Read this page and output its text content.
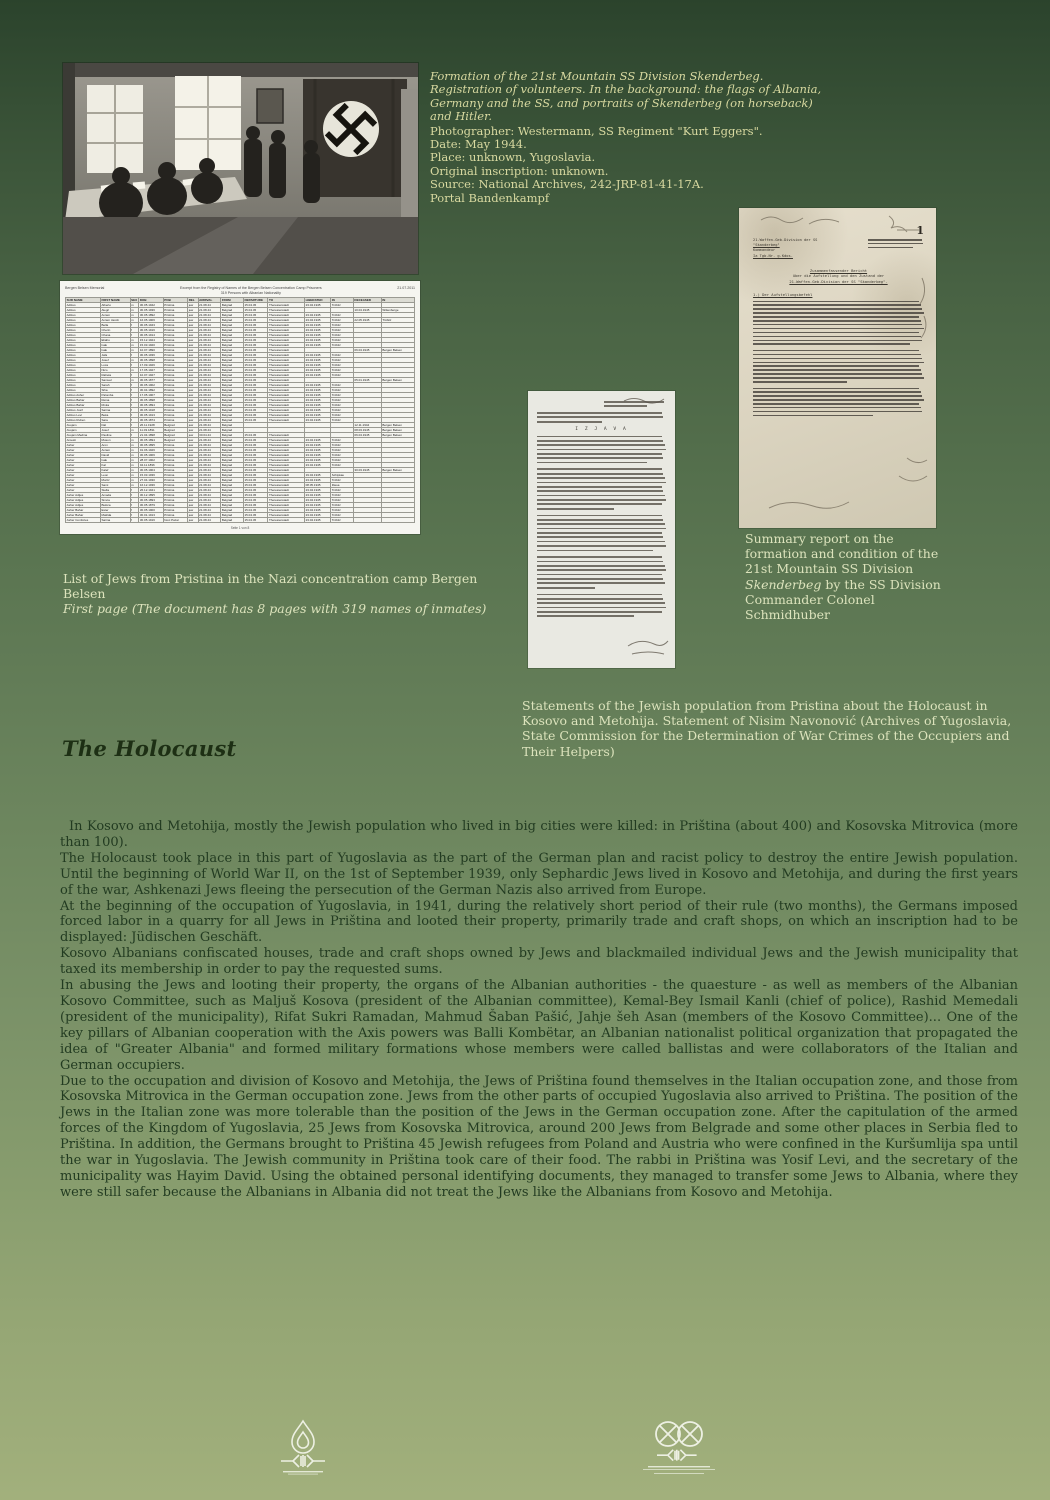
Formation of the 21st Mountain SS Division Skenderbeg. Registration of volunteers. In the background: the flags of Albania, Germany and the SS, and portraits of Skenderbeg (on horseback) and Hitler.
Photographer: Westermann, SS Regiment "Kurt Eggers".
Date: May 1944.
Place: unknown, Yugoslavia.
Original inscription: unknown.
Source: National Archives, 242-JRP-81-41-17A.
Portal Bandenkampf
Bergen Belsen Memorial	Excerpt from the Registry of Names of the Bergen Belsen Concentration Camp Prisoners
319 Persons with Albanian Nationality
21.07.2011
SUR NAME	FIRST NAME	SEX	DOB	POB	REL	ARRIVAL	FROM	DEPARTURE	TO	LIBERATED	IN	DECEASED	IN
Adizes	Alberto	m	30.05.1942	Pristina	jew	21.08.44	Belgrad	15.04.45	Theresienstadt	23.04.1945	Tröbitz		
Adizes	Alegri	m	30.05.1936	Pristina	jew	21.08.44	Belgrad	15.04.45	Theresienstadt			10.04.1945	Wittenberge
Adizes	Avram	m	30.05.1892	Pristina	jew	21.08.44	Belgrad	15.04.45	Theresienstadt	23.04.1945	Tröbitz		
Adizes	Avram Jacob	m	16.05.1906	Pristina	jew	21.08.44	Belgrad	15.04.45	Theresienstadt	23.04.1945	Tröbitz	22.05.1945	Tröbitz
Adizes	Bella	f	30.05.1943	Pristina	jew	21.08.44	Belgrad	15.04.45	Theresienstadt	23.04.1945	Tröbitz		
Adizes	Cherin	f	30.05.1916	Pristina	jew	21.08.44	Belgrad	15.04.45	Theresienstadt	23.04.1945	Tröbitz		
Adizes	Chana	f	30.05.1914	Pristina	jew	21.08.44	Belgrad	15.04.45	Theresienstadt	23.04.1945	Tröbitz		
Adizes	Eliahu	m	15.12.1924	Pristina	jew	21.08.44	Belgrad	15.04.45	Theresienstadt	23.04.1945	Tröbitz		
Adizes	Isak	m	15.03.1920	Pristina	jew	21.08.44	Belgrad	15.04.45	Theresienstadt	23.04.1945	Tröbitz		
Adizes	Isak	m	10.07.1890	Pristina	jew	21.08.44	Belgrad	15.04.45	Theresienstadt			06.04.1945	Bergen Belsen
Adizes	Jafa	f	30.05.1936	Pristina	jew	21.08.44	Belgrad	15.04.45	Theresienstadt	23.04.1945	Tröbitz		
Adizes	Josef	m	30.05.1898	Pristina	jew	21.08.44	Belgrad	15.04.45	Theresienstadt	23.04.1945	Tröbitz		
Adizes	Luca	f	17.09.1926	Pristina	jew	21.08.44	Belgrad	15.04.45	Theresienstadt	23.04.1945	Tröbitz		
Adizes	Nico	m	17.05.1927	Pristina	jew	21.08.44	Belgrad	15.04.45	Theresienstadt	23.04.1945	Tröbitz		
Adizes	Rahela	f	10.07.1927	Pristina	jew	21.08.44	Belgrad	15.04.45	Theresienstadt	23.04.1945	Tröbitz		
Adizes	Samuel	m	30.05.1877	Pristina	jew	21.08.44	Belgrad	15.04.45	Theresienstadt			05.01.1945	Bergen Belsen
Adizes	Sarah	f	30.05.1902	Pristina	jew	21.08.44	Belgrad	15.04.45	Theresienstadt	23.04.1945	Tröbitz		
Adizes	Siha	f	30.04.1892	Pristina	jew	21.08.44	Belgrad	15.04.45	Theresienstadt	23.04.1945	Tröbitz		
Adizes Asher	Palomba	f	17.05.1907	Pristina	jew	21.08.44	Belgrad	15.04.45	Theresienstadt	23.04.1945	Tröbitz		
Adizes Bahar	Reina	f	30.05.1898	Pristina	jew	21.08.44	Belgrad	15.04.45	Theresienstadt	23.04.1945	Tröbitz		
Adizes Bahar	Rivka	f	30.05.1894	Pristina	jew	21.08.44	Belgrad	15.04.45	Theresienstadt	23.04.1945	Tröbitz		
Adizes Josif	Sarina	f	30.05.1918	Pristina	jew	21.08.44	Belgrad	15.04.45	Theresienstadt	23.04.1945	Tröbitz		
Adizes Levi	Beka	f	30.05.1913	Pristina	jew	21.08.44	Belgrad	15.04.45	Theresienstadt	23.04.1945	Tröbitz		
Adizes Ruben	Sara	f	30.05.1874	Pristina	jew	21.08.44	Belgrad	15.04.45	Theresienstadt	23.04.1945	Tröbitz		
Avojam	Dal	f	26.11.1928	Belgrad	jew	21.08.44	Belgrad					12.11.1944	Bergen Belsen
Avojam	Josef	m	11.03.1891	Belgrad	jew	21.08.44	Belgrad					08.03.1945	Bergen Belsen
Avojam Medina	Pauline	f	21.04.1898	Belgrad	jew	30.04.44	Belgrad	15.04.45	Theresienstadt			06.04.1945	Bergen Belsen
Aroesti	Muson	m	30.05.1894	Belgrad	jew	21.08.44	Belgrad	15.04.45	Theresienstadt	23.04.1945	Tröbitz		
Asher	Aron	m	30.05.1895	Pristina	jew	21.08.44	Belgrad	15.04.45	Theresienstadt	23.04.1945	Tröbitz		
Asher	Avram	m	01.06.1926	Pristina	jew	21.08.44	Belgrad	15.04.45	Theresienstadt	23.04.1945	Tröbitz		
Asher	David	m	30.05.1906	Pristina	jew	21.08.44	Belgrad	15.04.45	Theresienstadt	23.04.1945	Tröbitz		
Asher	Isak	m	28.07.1902	Pristina	jew	21.08.44	Belgrad	15.04.45	Theresienstadt	23.04.1945	Tröbitz		
Asher	Kal	m	04.11.1896	Pristina	jew	21.08.44	Belgrad	15.04.45	Theresienstadt	23.04.1945	Tröbitz		
Asher	Kalef	m	30.05.1904	Pristina	jew	21.08.44	Belgrad	15.04.45	Theresienstadt			30.03.1945	Bergen Belsen
Asher	Leon	m	15.03.1936	Pristina	jew	21.08.44	Belgrad	15.04.45	Theresienstadt	19.04.1945	Schipkau		
Asher	Moritz	m	27.04.1930	Pristina	jew	21.08.44	Belgrad	15.04.45	Theresienstadt	23.04.1945	Tröbitz		
Asher	Sami	m	16.12.1936	Pristina	jew	21.08.44	Belgrad	15.04.45	Theresienstadt	08.05.1945	Riesa		
Asher	Stella	f	26.12.1941	Pristina	jew	21.08.44	Belgrad	15.04.45	Theresienstadt	23.04.1945	Tröbitz		
Asher Adijes	Amada	f	30.12.1895	Pristina	jew	21.08.44	Belgrad	15.04.45	Theresienstadt	23.04.1945	Tröbitz		
Asher Adijes	Simca	f	30.05.1893	Pristina	jew	21.08.44	Belgrad	15.04.45	Theresienstadt	23.04.1945	Tröbitz		
Asher Adijes	Bukica	f	30.05.1879	Pristina	jew	21.08.44	Belgrad	15.04.45	Theresienstadt	23.04.1945	Tröbitz		
Asher Bahar	Ester	f	30.05.1900	Pristina	jew	21.08.44	Belgrad	15.04.45	Theresienstadt	23.04.1945	Tröbitz		
Asher Bahar	Matilda	f	30.01.1913	Pristina	jew	21.08.44	Belgrad	15.04.45	Theresienstadt	23.04.1945	Tröbitz		
Asher Confortes	Sarina	f	30.05.1916	Novi Pazar	jew	21.08.44	Belgrad	15.04.45	Theresienstadt	23.04.1945	Tröbitz		
Seite 1 von 8
List of Jews from Pristina in the Nazi concentration camp Bergen Belsen
First page (The document has 8 pages with 319 names of inmates)
1
21.Waffen-Geb.Division der SS
"Skanderbeg"
Kommandeur
Ia Tgb.Nr. g.Kdos.
Zusammenfassender Bericht
über die Aufstellung und den Zustand der
21.Waffen-Geb.Division der SS "Skanderbeg".
1.) Der Aufstellungsbefehl
Summary report on the formation and condition of the 21st Mountain SS Division Skenderbeg by the SS Division Commander Colonel Schmidhuber
I Z J A V A
Statements of the Jewish population from Pristina about the Holocaust in Kosovo and Metohija. Statement of Nisim Navonović (Archives of Yugoslavia, State Commission for the Determination of War Crimes of the Occupiers and Their Helpers)
The Holocaust

In Kosovo and Metohija, mostly the Jewish population who lived in big cities were killed: in Priština (about 400) and Kosovska Mitrovica (more than 100).

The Holocaust took place in this part of Yugoslavia as the part of the German plan and racist policy to destroy the entire Jewish population. Until the beginning of World War II, on the 1st of September 1939, only Sephardic Jews lived in Kosovo and Metohija, and during the first years of the war, Ashkenazi Jews fleeing the persecution of the German Nazis also arrived from Europe.

At the beginning of the occupation of Yugoslavia, in 1941, during the relatively short period of their rule (two months), the Germans imposed forced labor in a quarry for all Jews in Priština and looted their property, primarily trade and craft shops, on which an inscription had to be displayed: Jüdischen Geschäft.

Kosovo Albanians confiscated houses, trade and craft shops owned by Jews and blackmailed individual Jews and the Jewish municipality that taxed its membership in order to pay the requested sums.

In abusing the Jews and looting their property, the organs of the Albanian authorities - the quaesture - as well as members of the Albanian Kosovo Committee, such as Maljuš Kosova (president of the Albanian committee), Kemal-Bey Ismail Kanli (chief of police), Rashid Memedali (president of the municipality), Rifat Sukri Ramadan, Mahmud Šaban Pašić, Jahje šeh Asan (members of the Kosovo Committee)... One of the key pillars of Albanian cooperation with the Axis powers was Balli Kombëtar, an Albanian nationalist political organization that propagated the idea of "Greater Albania" and formed military formations whose members were called ballistas and were collaborators of the Italian and German occupiers.

Due to the occupation and division of Kosovo and Metohija, the Jews of Priština found themselves in the Italian occupation zone, and those from Kosovska Mitrovica in the German occupation zone. Jews from the other parts of occupied Yugoslavia also arrived to Priština. The position of the Jews in the Italian zone was more tolerable than the position of the Jews in the German occupation zone. After the capitulation of the armed forces of the Kingdom of Yugoslavia, 25 Jews from Kosovska Mitrovica, around 200 Jews from Belgrade and some other places in Serbia fled to Priština. In addition, the Germans brought to Priština 45 Jewish refugees from Poland and Austria who were confined in the Kuršumlija spa until the war in Yugoslavia. The Jewish community in Priština took care of their food. The rabbi in Priština was Yosif Levi, and the secretary of the municipality was Hayim David. Using the obtained personal identifying documents, they managed to transfer some Jews to Albania, where they were still safer because the Albanians in Albania did not treat the Jews like the Albanians from Kosovo and Metohija.
